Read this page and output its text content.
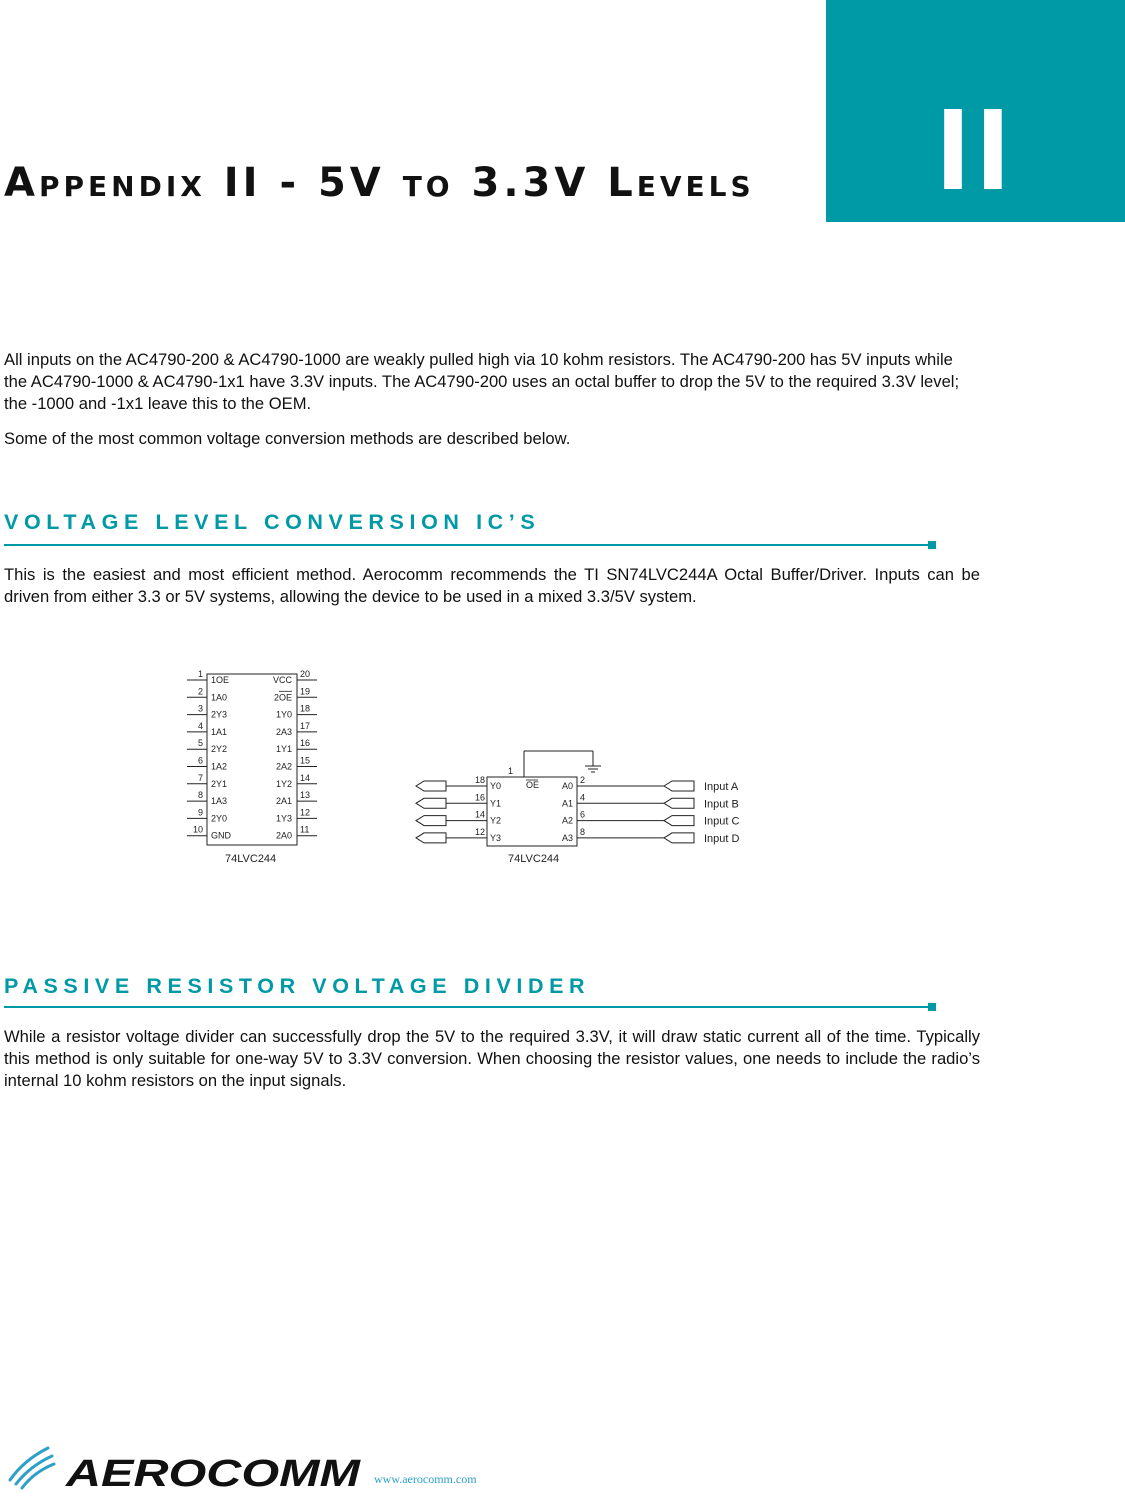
II
APPENDIX II - 5V TO 3.3V LEVELS

All inputs on the AC4790-200 & AC4790-1000 are weakly pulled high via 10 kohm resistors. The AC4790-200 has 5V inputs while the AC4790-1000 & AC4790-1x1 have 3.3V inputs. The AC4790-200 uses an octal buffer to drop the 5V to the required 3.3V level; the -1000 and -1x1 leave this to the OEM.

Some of the most common voltage conversion methods are described below.

VOLTAGE LEVEL CONVERSION IC’S

This is the easiest and most efficient method. Aerocomm recommends the TI SN74LVC244A Octal Buffer/Driver. Inputs can be driven from either 3.3 or 5V systems, allowing the device to be used in a mixed 3.3/5V system.

1
1OE
2
1A0
3
2Y3
4
1A1
5
2Y2
6
1A2
7
2Y1
8
1A3
9
2Y0
10
GND
20
VCC
19
2OE
18
1Y0
17
2A3
16
1Y1
15
2A2
14
1Y2
13
2A1
12
1Y3
11
2A0
74LVC244
1
OE
18
Y0
16
Y1
14
Y2
12
Y3
2
A0	Input A
4
A1	Input B
6
A2	Input C
8
A3	Input D
74LVC244
PASSIVE RESISTOR VOLTAGE DIVIDER

While a resistor voltage divider can successfully drop the 5V to the required 3.3V, it will draw static current all of the time. Typically this method is only suitable for one-way 5V to 3.3V conversion. When choosing the resistor values, one needs to include the radio’s internal 10 kohm resistors on the input signals.

AEROCOMM www.aerocomm.com
